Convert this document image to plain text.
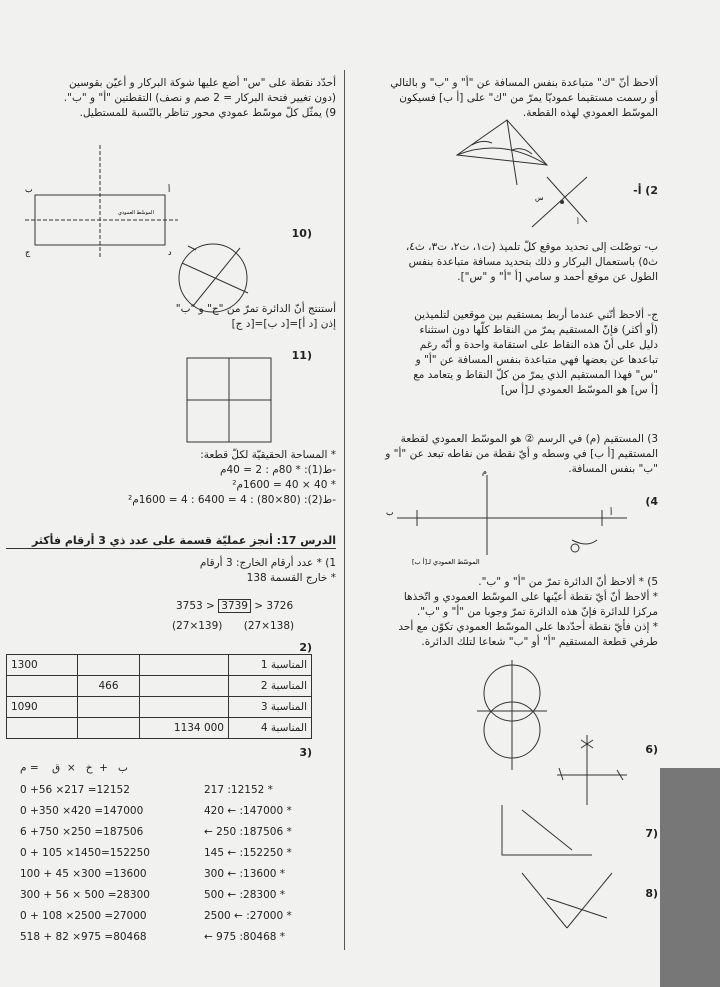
ألاحظ أنّ "ك" متباعدة بنفس المسافة عن "أ" و "ب" و بالتالي
أو رسمت مستقيما عموديّا يمرّ من "ك" على [أ ب] فسيكون
الموسّط العمودي لهذه القطعة.
2) أ-
س
أ
ب- توصّلت إلى تحديد موقع كلّ تلميذ (ت١، ت٢، ت٣، ث٤،
ث٥) باستعمال البركار و ذلك بتحديد مسافة متباعدة بنفس
الطول عن موقع أحمد و سامي [أ "أ" و "س"].
ج- ألاحظ أنّني عندما أربط بمستقيم بين موقعين لتلميذين
(أو أكثر) فإنّ المستقيم يمرّ من النقاط كلّها دون استثناء
دليل على أنّ هذه النقاط على استقامة واحدة و أنّه رغم
تباعدها عن بعضها فهي متباعدة بنفس المسافة عن "أ" و
"س" فهذا المستقيم الذي يمرّ من كلّ النقاط و يتعامد مع
[أ س] هو الموسّط العمودي لـ[أ س]
3) المستقيم (م) في الرسم ② هو الموسّط العمودي لقطعة
المستقيم [أ ب] في وسطه و أيّ نقطة من نقاطه تبعد عن "أ" و
"ب" بنفس المسافة.
4)
ب	أ
م
الموسّط العمودي لـ[أ ب]
5) * ألاحظ أنّ الدائرة تمرّ من "أ" و "ب".
* ألاحظ أنّ أيّ نقطة أعيّنها على الموسّط العمودي و اتّخذها
مركزا للدائرة فإنّ هذه الدائرة تمرّ وجوبا من "أ" و "ب".
* إذن فأيّ نقطة أحدّدها على الموسّط العمودي تكوّن مع أحد
طرفي قطعة المستقيم "أ" أو "ب" شعاعا لتلك الدائرة.
(6
(7
(8
أحدّد نقطة على "س" أضع عليها شوكة البركار و أعيّن بقوسين
(دون تغيير فتحة البركار = 2 صم و نصف) التقطتين "أ" و "ب".
9) يمثّل كلّ موسّط عمودي محور تناظر بالنّسبة للمستطيل.
ب	أ
ج	د
الموسّط العمودي
(10
أستنتج أنّ الدائرة تمرّ من "ج" و "ب"
إذن [د أ]=[د ب]=[د ج]
(11
* المساحة الحقيقيّة لكلّ قطعة:
-ط(1): * 80م : 2 = 40م
* 40 × 40 = 1600م²
-ط(2): (80×80) : 4 = 6400 : 4 = 1600م²
الدرس 17: أنجز عمليّة قسمة على عدد ذي 3 أرقام فأكثر
1) * عدد أرقام الخارج: 3 أرقام
* خارج القسمة 138
3753 > 3739 > 3726
(27×139) (27×138)
(2
1300			المناسبة 1
	466		المناسبة 2
1090			المناسبة 3
		1134 000	المناسبة 4
(3
ب   +  خ   ×  ق    = م
0 +56 ×217 =12152	217 :12152 *
0 +350 ×420 =147000	420 ← :147000 *
6 +750 ×250 =187506	← 250 :187506 *
0 + 105 ×1450=152250	145 ← :152250 *
100 + 45 ×300 =13600	300 ← :13600 *
300 + 56 × 500 =28300	500 ← :28300 *
0 + 108 ×2500 =27000	2500 ← :27000 *
518 + 82 ×975 =80468	← 975 :80468 *
